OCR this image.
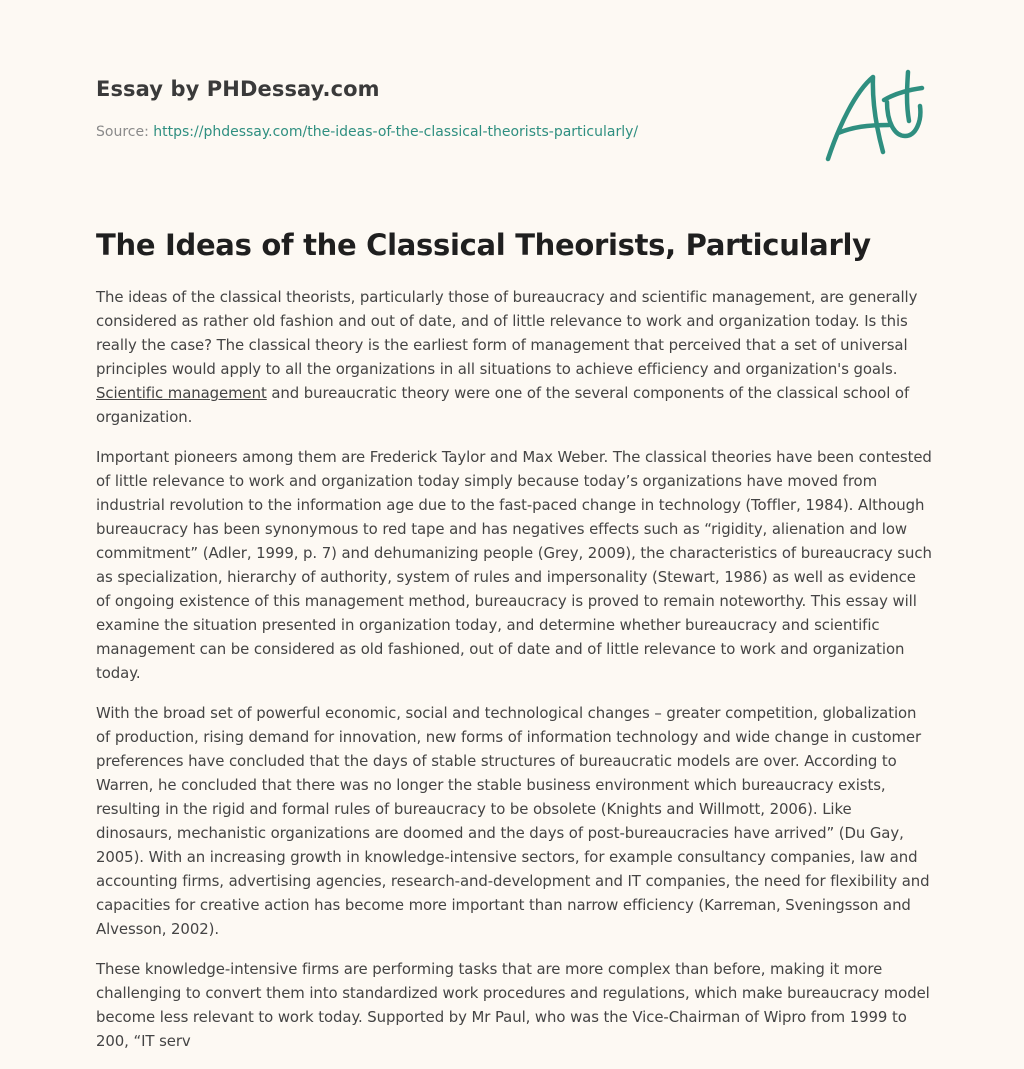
Essay by PHDessay.com
Source: https://phdessay.com/the-ideas-of-the-classical-theorists-particularly/
The Ideas of the Classical Theorists, Particularly

The ideas of the classical theorists, particularly those of bureaucracy and scientific management, are generally considered as rather old fashion and out of date, and of little relevance to work and organization today. Is this really the case? The classical theory is the earliest form of management that perceived that a set of universal principles would apply to all the organizations in all situations to achieve efficiency and organization's goals. Scientific management and bureaucratic theory were one of the several components of the classical school of organization.

Important pioneers among them are Frederick Taylor and Max Weber. The classical theories have been contested of little relevance to work and organization today simply because today’s organizations have moved from industrial revolution to the information age due to the fast-paced change in technology (Toffler, 1984). Although bureaucracy has been synonymous to red tape and has negatives effects such as “rigidity, alienation and low commitment” (Adler, 1999, p. 7) and dehumanizing people (Grey, 2009), the characteristics of bureaucracy such as specialization, hierarchy of authority, system of rules and impersonality (Stewart, 1986) as well as evidence of ongoing existence of this management method, bureaucracy is proved to remain noteworthy. This essay will examine the situation presented in organization today, and determine whether bureaucracy and scientific management can be considered as old fashioned, out of date and of little relevance to work and organization today.

With the broad set of powerful economic, social and technological changes – greater competition, globalization of production, rising demand for innovation, new forms of information technology and wide change in customer preferences have concluded that the days of stable structures of bureaucratic models are over. According to Warren, he concluded that there was no longer the stable business environment which bureaucracy exists, resulting in the rigid and formal rules of bureaucracy to be obsolete (Knights and Willmott, 2006). Like dinosaurs, mechanistic organizations are doomed and the days of post-bureaucracies have arrived” (Du Gay, 2005). With an increasing growth in knowledge-intensive sectors, for example consultancy companies, law and accounting firms, advertising agencies, research-and-development and IT companies, the need for flexibility and capacities for creative action has become more important than narrow efficiency (Karreman, Sveningsson and Alvesson, 2002).

These knowledge-intensive firms are performing tasks that are more complex than before, making it more challenging to convert them into standardized work procedures and regulations, which make bureaucracy model become less relevant to work today. Supported by Mr Paul, who was the Vice-Chairman of Wipro from 1999 to 200, “IT serv
